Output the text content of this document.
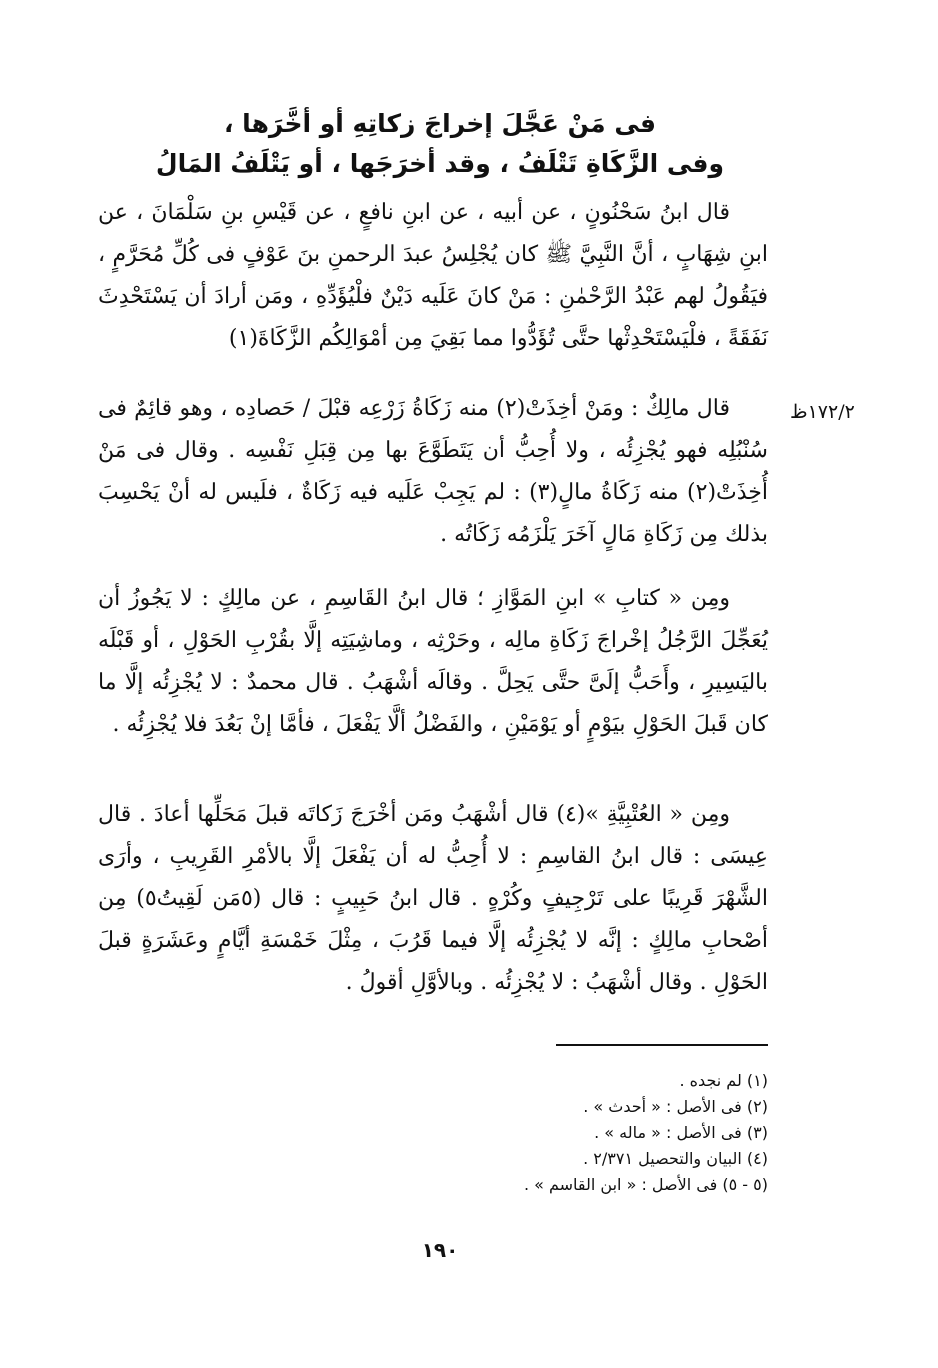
فى مَنْ عَجَّلَ إخراجَ زكاتِهِ أو أخَّرَها ،
وفى الزَّكَاةِ تَتْلَفُ ، وقد أخرَجَها ، أو يَتْلَفُ المَالُ

قال ابنُ سَحْنُونٍ ، عن أبيه ، عن ابنِ نافعٍ ، عن قَيْسِ بنِ سَلْمَانَ ، عن ابنِ شِهَابٍ ، أنَّ النَّبِيَّ ﷺ كان يُجْلِسُ عبدَ الرحمنِ بنَ عَوْفٍ فى كُلِّ مُحَرَّمٍ ، فيَقُولُ لهم عَبْدُ الرَّحْمٰنِ : مَنْ كانَ عَلَيه دَيْنٌ فلْيُؤَدِّهِ ، ومَن أرادَ أن يَسْتَحْدِثَ نَفَقَةً ، فلْيَسْتَحْدِثْها حتَّى تُؤَدُّوا مما بَقِيَ مِن أمْوَالِكُم الزَّكَاةَ(١)

١٧٢/٢ظ

قال مالِكٌ : ومَنْ أخِذَتْ(٢) منه زَكَاةُ زَرْعِه قبْلَ / حَصادِه ، وهو قائِمٌ فى سُنْبُلِه فهو يُجْزِئُه ، ولا أُحِبُّ أن يَتَطَوَّعَ بها مِن قِبَلِ نَفْسِه . وقال فى مَنْ أُخِذَتْ(٢) منه زَكَاةُ مالٍ(٣) : لم يَجِبْ عَلَيه فيه زَكَاةٌ ، فلَيس له أنْ يَحْسِبَ بذلك مِن زَكَاةِ مَالٍ آخَرَ يَلْزَمُه زَكَاتُه .

ومِن « كتابِ » ابنِ المَوَّازِ ؛ قال ابنُ القَاسِمِ ، عن مالِكٍ : لا يَجُوزُ أن يُعَجِّلَ الرَّجُلُ إخْراجَ زَكَاةِ مالِه ، وحَرْثِه ، وماشِيَتِه إلَّا بقُرْبِ الحَوْلِ ، أو قَبْلَه باليَسِيرِ ، وأَحَبُّ إلَىَّ حتَّى يَحِلَّ . وقالَه أشْهَبُ . قال محمدٌ : لا يُجْزِئُه إلَّا ما كان قَبلَ الحَوْلِ بيَوْمٍ أو يَوْمَيْنِ ، والفَضْلُ ألَّا يَفْعَلَ ، فأمَّا إنْ بَعُدَ فلا يُجْزِئُه .

ومِن « العُتْبِيَّةِ »(٤) قال أشْهَبُ ومَن أخْرَجَ زَكاتَه قبلَ مَحَلِّها أعادَ . قال عِيسَى : قال ابنُ القاسِمِ : لا أُحِبُّ له أن يَفْعَلَ إلَّا بالأمْرِ القَرِيبِ ، وأرَى الشَّهْرَ قَرِيبًا على تَرْجِيفٍ وكُرْهٍ . قال ابنُ حَبِيبٍ : قال (٥مَن لَقِيتُ٥) مِن أصْحابِ مالِكٍ : إنَّه لا يُجْزِئُه إلَّا فيما قَرُبَ ، مِثْلَ خَمْسَةِ أيَّامٍ وعَشَرَةٍ قبلَ الحَوْلِ . وقال أشْهَبُ : لا يُجْزِئُه . وبالأوَّلِ أقولُ .

(١) لم نجده .
(٢) فى الأصل : « أحدث » .
(٣) فى الأصل : « ماله » .
(٤) البيان والتحصيل ٢/٣٧١ .
(٥ - ٥) فى الأصل : « ابن القاسم » .
١٩٠
